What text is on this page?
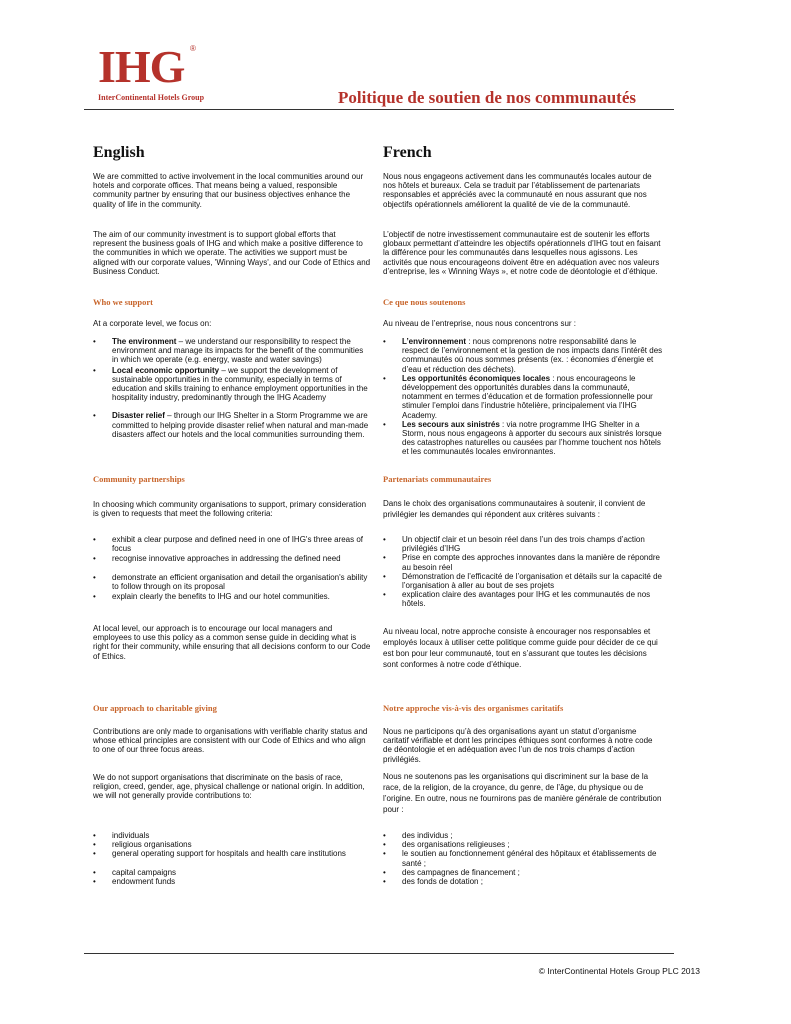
IHG ®
InterContinental Hotels Group	Politique de soutien de nos communautés
English

We are committed to active involvement in the local communities around our hotels and corporate offices. That means being a valued, responsible community partner by ensuring that our business objectives enhance the quality of life in the community.

The aim of our community investment is to support global efforts that represent the business goals of IHG and which make a positive difference to the communities in which we operate. The activities we support must be aligned with our corporate values, 'Winning Ways', and our Code of Ethics and Business Conduct.

Who we support

At a corporate level, we focus on:

• The environment – we understand our responsibility to respect the environment and manage its impacts for the benefit of the communities in which we operate (e.g. energy, waste and water savings)
• Local economic opportunity – we support the development of sustainable opportunities in the community, especially in terms of education and skills training to enhance employment opportunities in the hospitality industry, predominantly through the IHG Academy
• Disaster relief – through our IHG Shelter in a Storm Programme we are committed to helping provide disaster relief when natural and man-made disasters affect our hotels and the local communities surrounding them.
Community partnerships

In choosing which community organisations to support, primary consideration is given to requests that meet the following criteria:

• exhibit a clear purpose and defined need in one of IHG's three areas of focus
• recognise innovative approaches in addressing the defined need
• demonstrate an efficient organisation and detail the organisation's ability to follow through on its proposal
• explain clearly the benefits to IHG and our hotel communities.

At local level, our approach is to encourage our local managers and employees to use this policy as a common sense guide in deciding what is right for their community, while ensuring that all decisions conform to our Code of Ethics.

Our approach to charitable giving

Contributions are only made to organisations with verifiable charity status and whose ethical principles are consistent with our Code of Ethics and who align to one of our three focus areas.

We do not support organisations that discriminate on the basis of race, religion, creed, gender, age, physical challenge or national origin. In addition, we will not generally provide contributions to:

• individuals
• religious organisations
• general operating support for hospitals and health care institutions
• capital campaigns
• endowment funds
French

Nous nous engageons activement dans les communautés locales autour de nos hôtels et bureaux. Cela se traduit par l’établissement de partenariats responsables et appréciés avec la communauté en nous assurant que nos objectifs opérationnels améliorent la qualité de vie de la communauté.

L’objectif de notre investissement communautaire est de soutenir les efforts globaux permettant d’atteindre les objectifs opérationnels d’IHG tout en faisant la différence pour les communautés dans lesquelles nous agissons. Les activités que nous encourageons doivent être en adéquation avec nos valeurs d’entreprise, les « Winning Ways », et notre code de déontologie et d’éthique.

Ce que nous soutenons

Au niveau de l’entreprise, nous nous concentrons sur :

• L’environnement : nous comprenons notre responsabilité dans le respect de l’environnement et la gestion de nos impacts dans l’intérêt des communautés où nous sommes présents (ex. : économies d’énergie et d’eau et réduction des déchets).
• Les opportunités économiques locales : nous encourageons le développement des opportunités durables dans la communauté, notamment en termes d’éducation et de formation professionnelle pour stimuler l’emploi dans l’industrie hôtelière, principalement via l’IHG Academy.
• Les secours aux sinistrés : via notre programme IHG Shelter in a Storm, nous nous engageons à apporter du secours aux sinistrés lorsque des catastrophes naturelles ou causées par l’homme touchent nos hôtels et les communautés locales environnantes.
Partenariats communautaires

Dans le choix des organisations communautaires à soutenir, il convient de privilégier les demandes qui répondent aux critères suivants :

• Un objectif clair et un besoin réel dans l’un des trois champs d’action privilégiés d’IHG
• Prise en compte des approches innovantes dans la manière de répondre au besoin réel
• Démonstration de l’efficacité de l’organisation et détails sur la capacité de l’organisation à aller au bout de ses projets
• explication claire des avantages pour IHG et les communautés de nos hôtels.

Au niveau local, notre approche consiste à encourager nos responsables et employés locaux à utiliser cette politique comme guide pour décider de ce qui est bon pour leur communauté, tout en s’assurant que toutes les décisions sont conformes à notre code d’éthique.

Notre approche vis-à-vis des organismes caritatifs

Nous ne participons qu’à des organisations ayant un statut d’organisme caritatif vérifiable et dont les principes éthiques sont conformes à notre code de déontologie et en adéquation avec l’un de nos trois champs d’action privilégiés.

Nous ne soutenons pas les organisations qui discriminent sur la base de la race, de la religion, de la croyance, du genre, de l’âge, du physique ou de l’origine. En outre, nous ne fournirons pas de manière générale de contribution pour :

• des individus ;
• des organisations religieuses ;
• le soutien au fonctionnement général des hôpitaux et établissements de santé ;
• des campagnes de financement ;
• des fonds de dotation ;
© InterContinental Hotels Group PLC 2013
